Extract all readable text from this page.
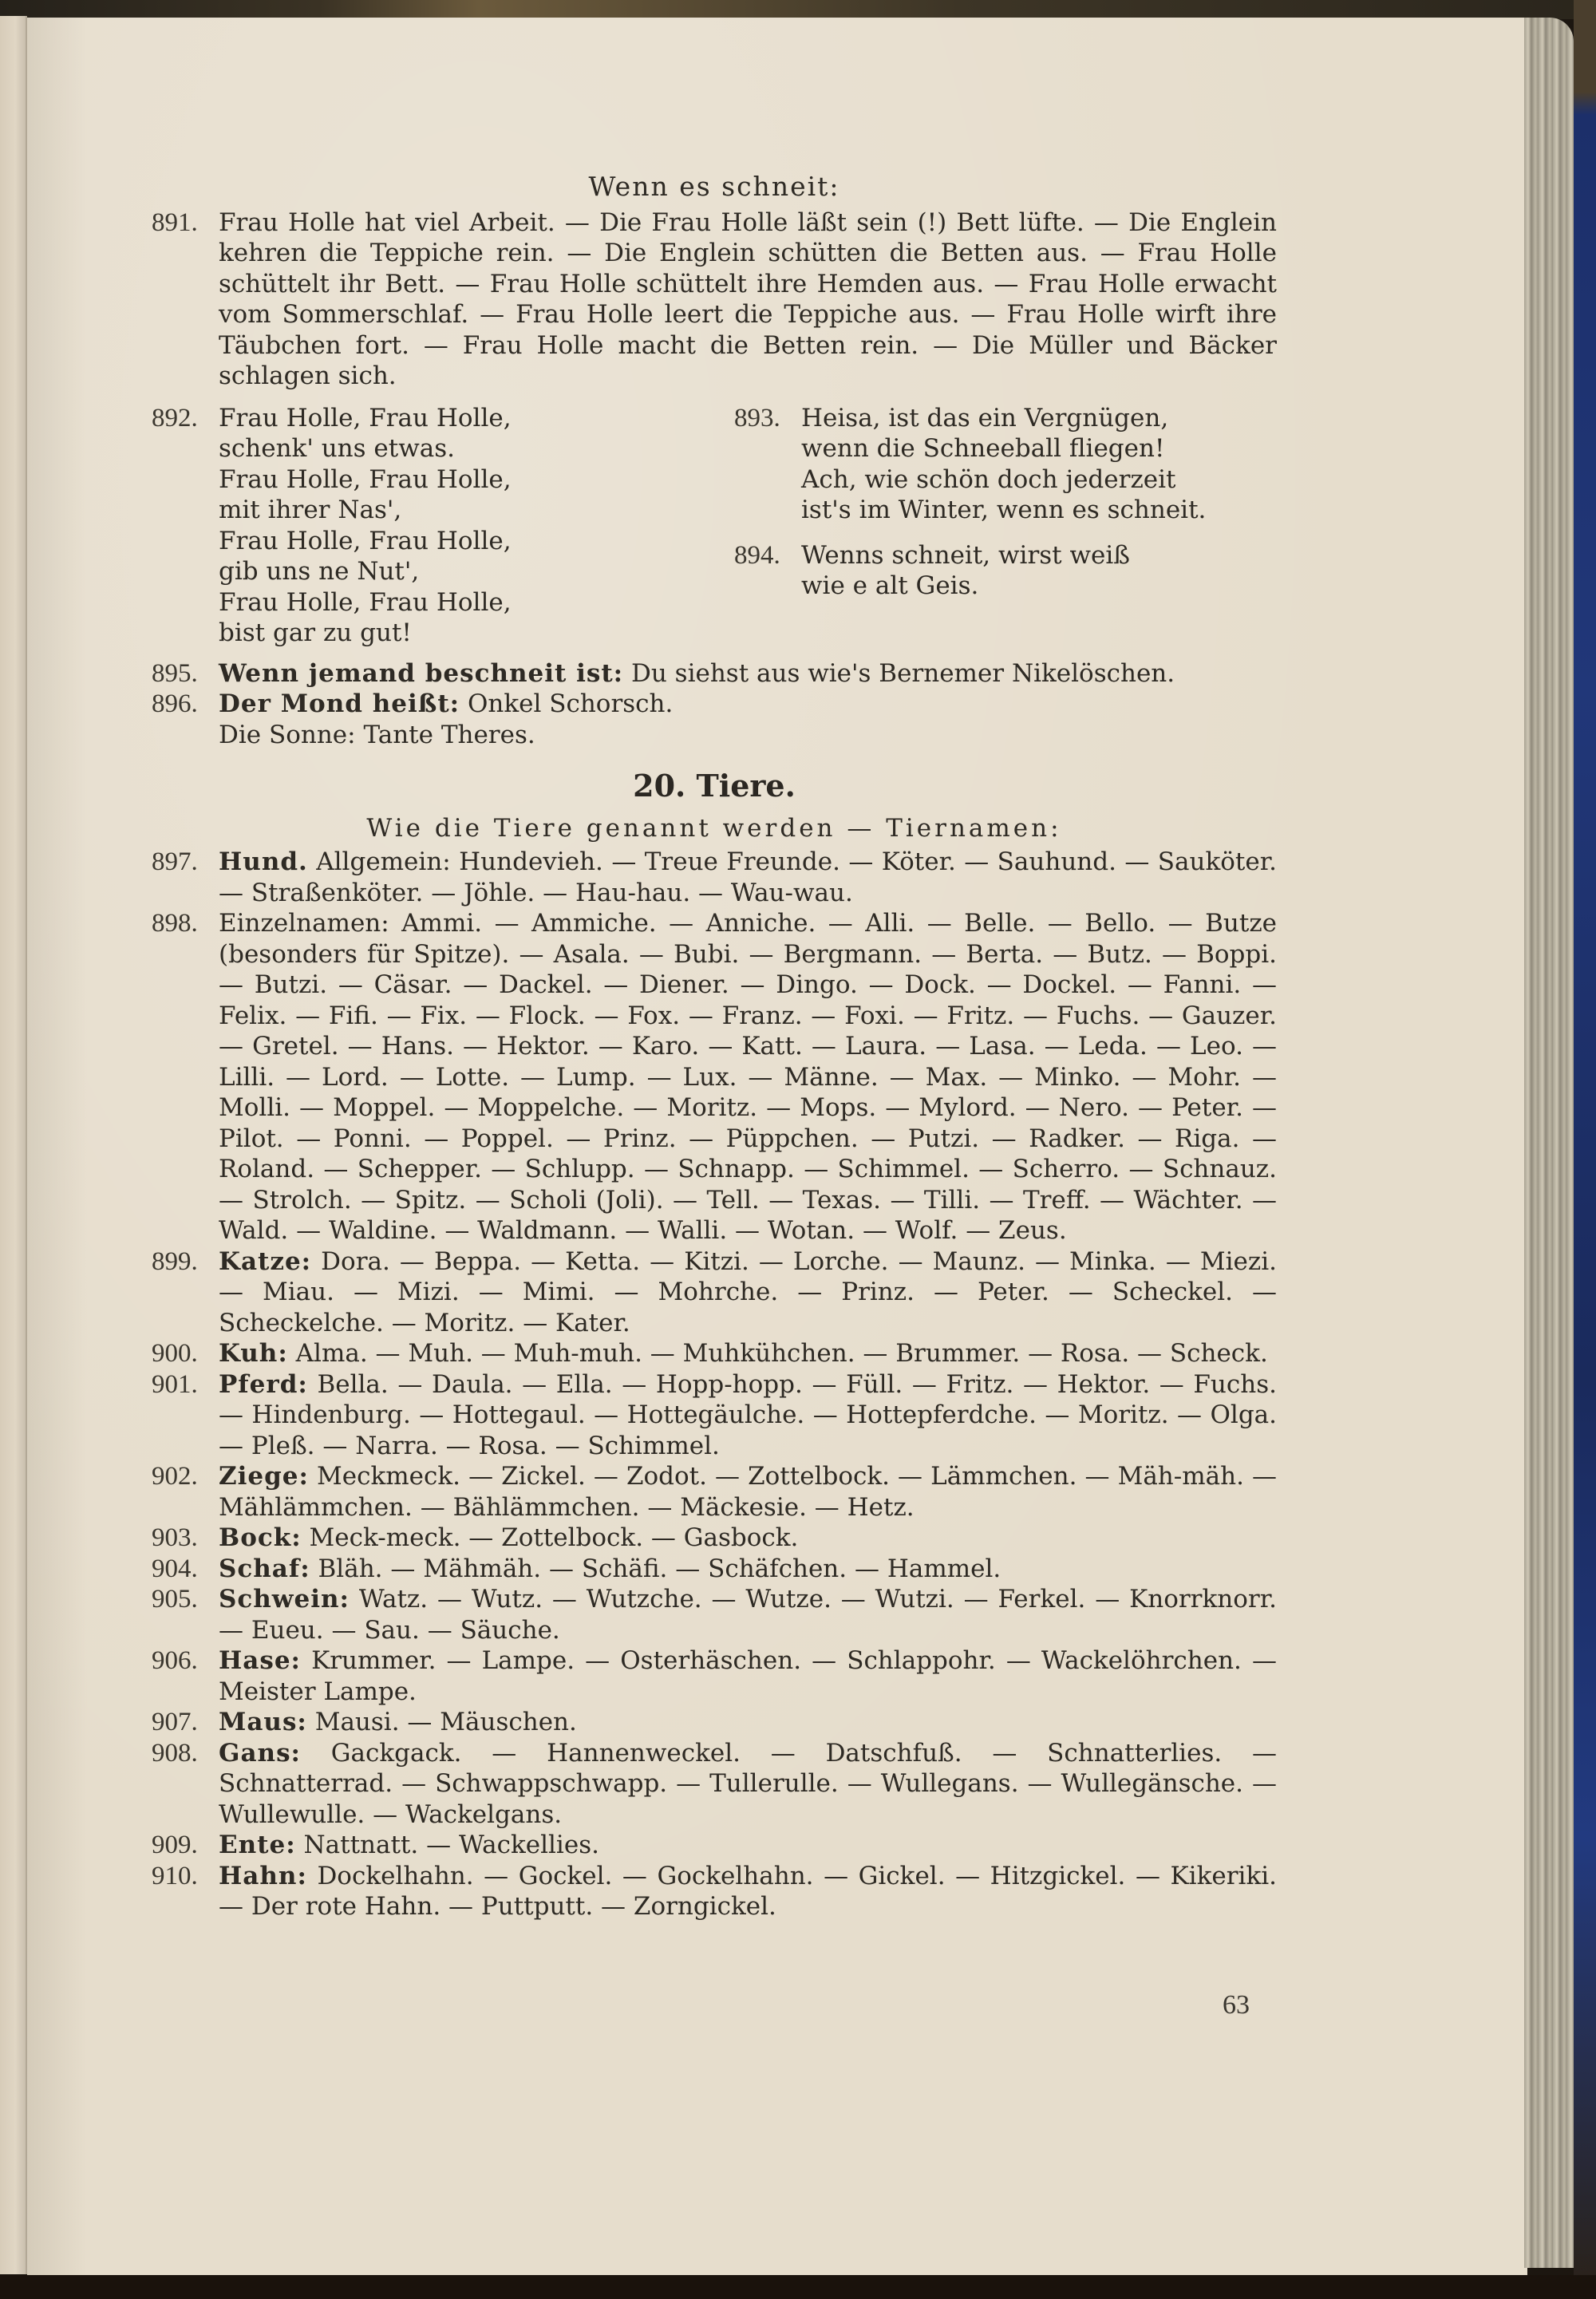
Wenn es schneit:
891. Frau Holle hat viel Arbeit. — Die Frau Holle läßt sein (!) Bett lüfte. — Die Englein kehren die Teppiche rein. — Die Englein schütten die Betten aus. — Frau Holle schüttelt ihr Bett. — Frau Holle schüttelt ihre Hemden aus. — Frau Holle erwacht vom Sommerschlaf. — Frau Holle leert die Teppiche aus. — Frau Holle wirft ihre Täubchen fort. — Frau Holle macht die Betten rein. — Die Müller und Bäcker schlagen sich.
892. Frau Holle, Frau Holle,
schenk' uns etwas.
Frau Holle, Frau Holle,
mit ihrer Nas',
Frau Holle, Frau Holle,
gib uns ne Nut',
Frau Holle, Frau Holle,
bist gar zu gut!
893. Heisa, ist das ein Vergnügen,
wenn die Schneeball fliegen!
Ach, wie schön doch jederzeit
ist's im Winter, wenn es schneit.
894. Wenns schneit, wirst weiß
wie e alt Geis.
895. Wenn jemand beschneit ist: Du siehst aus wie's Bernemer Nikelöschen.
896. Der Mond heißt: Onkel Schorsch.
Die Sonne: Tante Theres.
20. Tiere.
Wie die Tiere genannt werden — Tiernamen:
897. Hund. Allgemein: Hundevieh. — Treue Freunde. — Köter. — Sauhund. — Sauköter. — Straßenköter. — Jöhle. — Hau-hau. — Wau-wau.
898. Einzelnamen: Ammi. — Ammiche. — Anniche. — Alli. — Belle. — Bello. — Butze (besonders für Spitze). — Asala. — Bubi. — Bergmann. — Berta. — Butz. — Boppi. — Butzi. — Cäsar. — Dackel. — Diener. — Dingo. — Dock. — Dockel. — Fanni. — Felix. — Fifi. — Fix. — Flock. — Fox. — Franz. — Foxi. — Fritz. — Fuchs. — Gauzer. — Gretel. — Hans. — Hektor. — Karo. — Katt. — Laura. — Lasa. — Leda. — Leo. — Lilli. — Lord. — Lotte. — Lump. — Lux. — Männe. — Max. — Minko. — Mohr. — Molli. — Moppel. — Moppelche. — Moritz. — Mops. — Mylord. — Nero. — Peter. — Pilot. — Ponni. — Poppel. — Prinz. — Püppchen. — Putzi. — Radker. — Riga. — Roland. — Schepper. — Schlupp. — Schnapp. — Schimmel. — Scherro. — Schnauz. — Strolch. — Spitz. — Scholi (Joli). — Tell. — Texas. — Tilli. — Treff. — Wächter. — Wald. — Waldine. — Waldmann. — Walli. — Wotan. — Wolf. — Zeus.
899. Katze: Dora. — Beppa. — Ketta. — Kitzi. — Lorche. — Maunz. — Minka. — Miezi. — Miau. — Mizi. — Mimi. — Mohrche. — Prinz. — Peter. — Scheckel. — Scheckelche. — Moritz. — Kater.
900. Kuh: Alma. — Muh. — Muh-muh. — Muhkühchen. — Brummer. — Rosa. — Scheck.
901. Pferd: Bella. — Daula. — Ella. — Hopp-hopp. — Füll. — Fritz. — Hektor. — Fuchs. — Hindenburg. — Hottegaul. — Hottegäulche. — Hottepferdche. — Moritz. — Olga. — Pleß. — Narra. — Rosa. — Schimmel.
902. Ziege: Meckmeck. — Zickel. — Zodot. — Zottelbock. — Lämmchen. — Mäh-mäh. — Mählämmchen. — Bählämmchen. — Mäckesie. — Hetz.
903. Bock: Meck-meck. — Zottelbock. — Gasbock.
904. Schaf: Bläh. — Mähmäh. — Schäfi. — Schäfchen. — Hammel.
905. Schwein: Watz. — Wutz. — Wutzche. — Wutze. — Wutzi. — Ferkel. — Knorrknorr. — Eueu. — Sau. — Säuche.
906. Hase: Krummer. — Lampe. — Osterhäschen. — Schlappohr. — Wackelöhrchen. — Meister Lampe.
907. Maus: Mausi. — Mäuschen.
908. Gans: Gackgack. — Hannenweckel. — Datschfuß. — Schnatterlies. — Schnatterrad. — Schwappschwapp. — Tullerulle. — Wullegans. — Wullegänsche. — Wullewulle. — Wackelgans.
909. Ente: Nattnatt. — Wackellies.
910. Hahn: Dockelhahn. — Gockel. — Gockelhahn. — Gickel. — Hitzgickel. — Kikeriki. — Der rote Hahn. — Puttputt. — Zorngickel.
63
